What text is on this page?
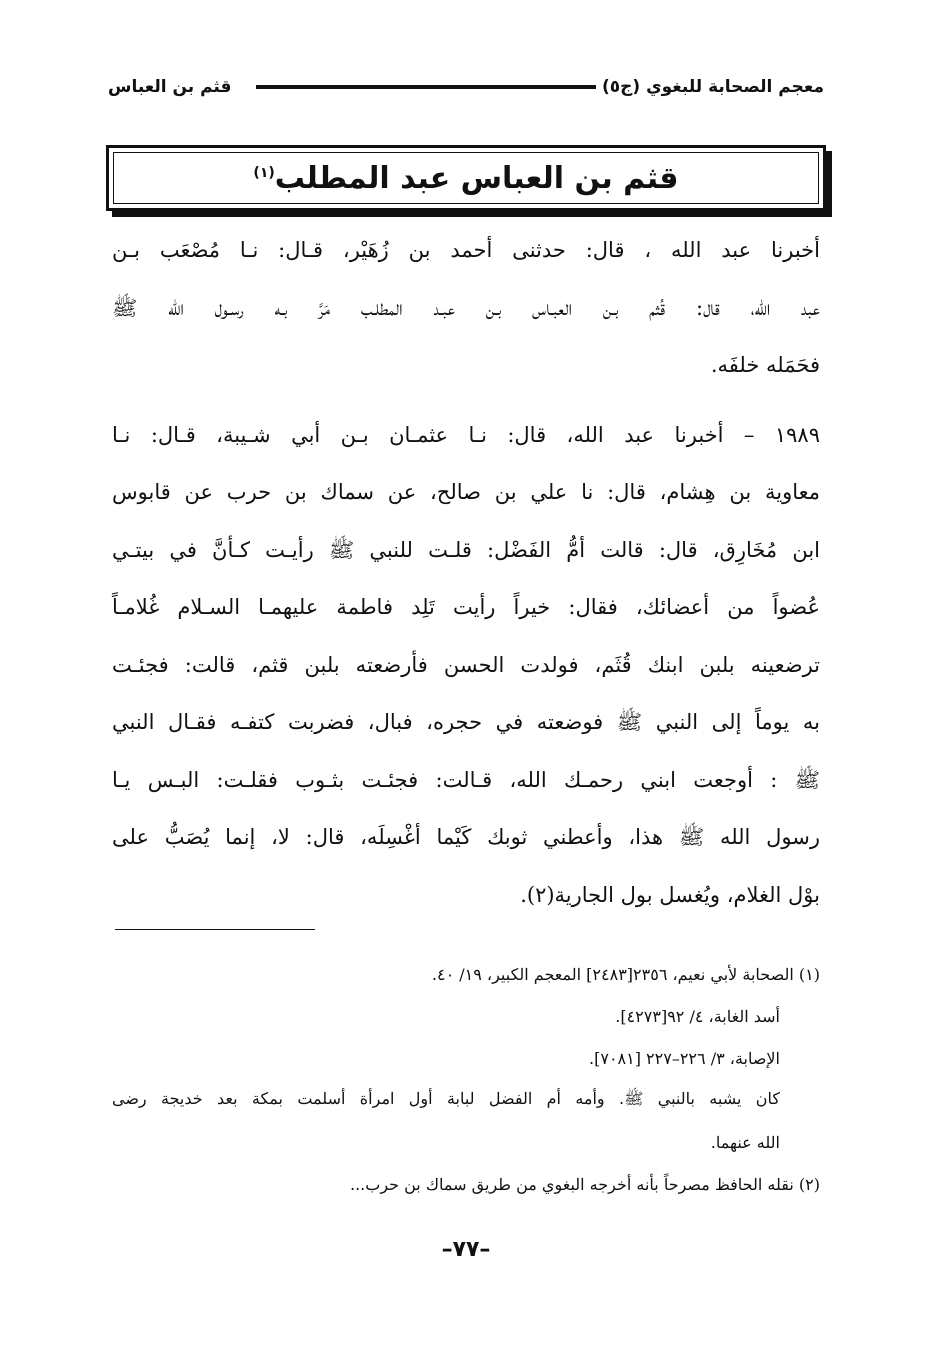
معجم الصحابة للبغوي (ج٥)
قثم بن العباس
قثم بن العباس عبد المطلب$^{(١)}$
أخبرنا عبد الله ، قال: حدثنى أحمد بن زُهَيْر، قـال: نـا مُصْعَب بـن
عبد الله، قال: قُثم بـن العبـاس بـن عبـد المطلـب مَرَّ بـه رسـول الله ﷺ
فحَمَله خلفَه.
١٩٨٩ – أخبرنا عبد الله، قال: نـا عثمـان بـن أبي شـيبة، قـال: نـا
معاوية بن هِشام، قال: نا علي بن صالح، عن سماك بن حرب عن قابوس
ابن مُخَارِق، قال: قالت أمُّ الفَضْل: قلـت للنبي ﷺ رأيـت كـأنَّ في بيتـي
عُضواً من أعضائك، فقال: خيراً رأيت تَلِد فاطمة عليهمـا السـلام غُلامـاً
ترضعينه بلبن ابنك قُثَم، فولدت الحسن فأرضعته بلبن قثم، قالت: فجئـت
به يوماً إلى النبي ﷺ فوضعته في حجره، فبال، فضربت كتفـه فقـال النبي
ﷺ : أوجعت ابني رحمـك الله، قـالت: فجئـت بثـوب فقلـت: البـس يـا
رسول الله ﷺ هذا، وأعطني ثوبك كَيْما أغْسِلَه، قال: لا، إنما يُصَبُّ على
بوْل الغلام، ويُغسل بول الجارية(٢).
(١) الصحابة لأبي نعيم، ٢٣٥٦[٢٤٨٣] المعجم الكبير، ١٩/ ٤٠.
أسد الغابة، ٤/ ٩٢[٤٢٧٣].
الإصابة، ٣/ ٢٢٦–٢٢٧ [٧٠٨١].
كان يشبه بالنبي ﷺ. وأمه أم الفضل لبابة أول امرأة أسلمت بمكة بعد خديجة رضى
الله عنهما.
(٢) نقله الحافظ مصرحاً بأنه أخرجه البغوي من طريق سماك بن حرب...
–٧٧–
